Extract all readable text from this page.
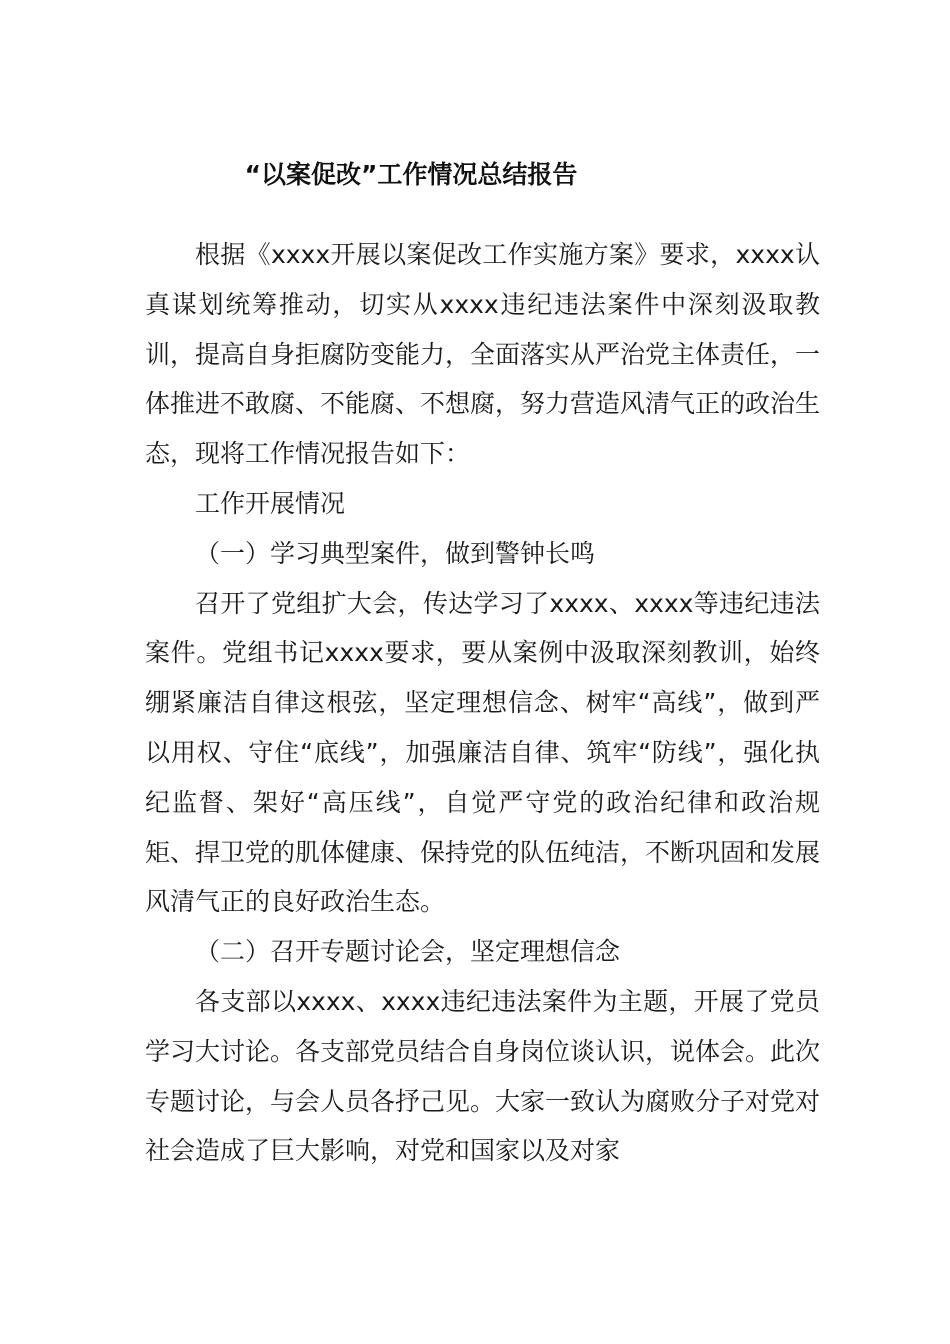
“以案促改”工作情况总结报告

根据《xxxx开展以案促改工作实施方案》要求，xxxx认真谋划统筹推动，切实从xxxx违纪违法案件中深刻汲取教训，提高自身拒腐防变能力，全面落实从严治党主体责任，一体推进不敢腐、不能腐、不想腐，努力营造风清气正的政治生态，现将工作情况报告如下：

工作开展情况

（一）学习典型案件，做到警钟长鸣

召开了党组扩大会，传达学习了xxxx、xxxx等违纪违法案件。党组书记xxxx要求，要从案例中汲取深刻教训，始终绷紧廉洁自律这根弦，坚定理想信念、树牢“高线”，做到严以用权、守住“底线”，加强廉洁自律、筑牢“防线”，强化执纪监督、架好“高压线”，自觉严守党的政治纪律和政治规矩、捍卫党的肌体健康、保持党的队伍纯洁，不断巩固和发展风清气正的良好政治生态。

（二）召开专题讨论会，坚定理想信念

各支部以xxxx、xxxx违纪违法案件为主题，开展了党员学习大讨论。各支部党员结合自身岗位谈认识，说体会。此次专题讨论，与会人员各抒己见。大家一致认为腐败分子对党对社会造成了巨大影响，对党和国家以及对家
